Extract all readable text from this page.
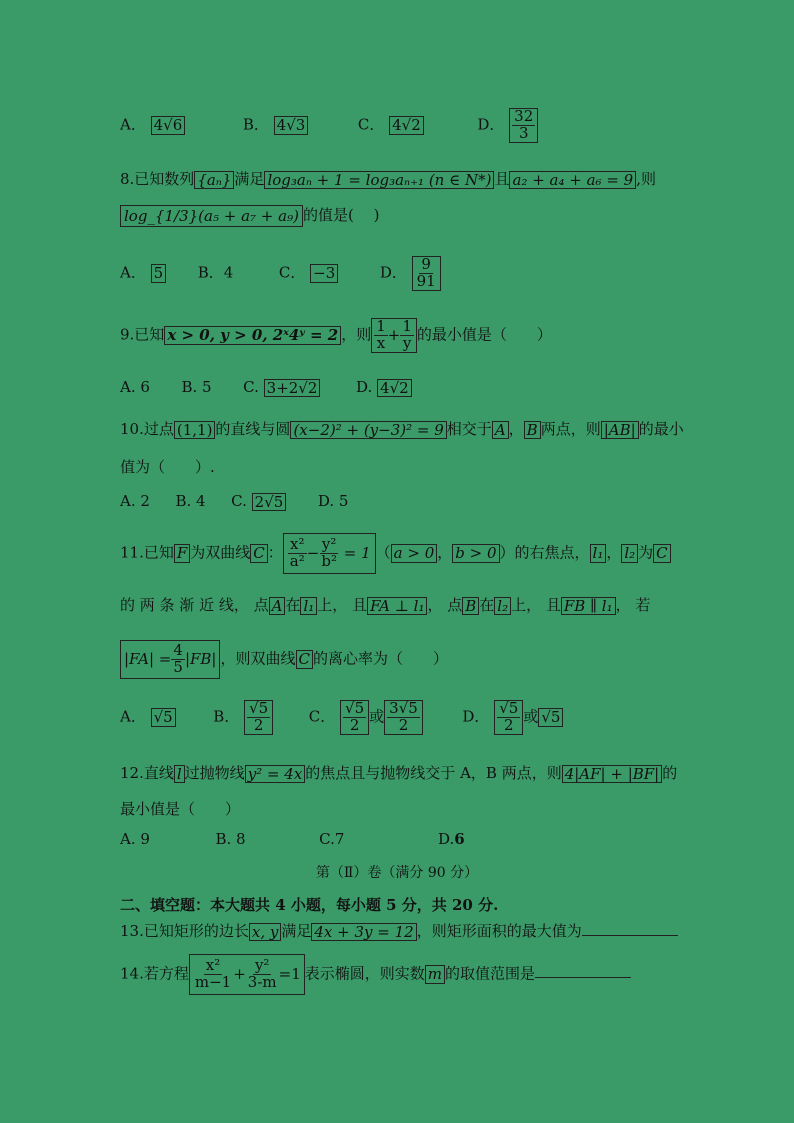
A． 4√6	B． 4√3	C． 4√2	D． $\frac{32}{3}$
8.已知数列 {aₙ} 满足 log₃aₙ + 1 = log₃aₙ₊₁ (n ∈ N*) 且 a₂ + a₄ + a₆ = 9 ,则
log_{1/3}(a₅ + a₇ + a₉) 的值是(　 )
A． 5 B．4	C． −3	D． $\frac{9}{91}$
9.已知 x > 0, y > 0, 2ˣ4ʸ = 2 ，则 $\frac{1}{x} + \frac{1}{y}$ 的最小值是（　　）
A. 6 B. 5 C. 3+2√2	D. 4√2
10.过点 (1,1) 的直线与圆 (x−2)² + (y−3)² = 9 相交于 A ， B 两点，则 |AB| 的最小
值为（　　）.
A. 2 B. 4 C. 2√5 D. 5
11.已知 F 为双曲线 C ： $\frac{\text{x²}}{\text{a²}} - \frac{\text{y²}}{\text{b²}} = 1$（ a > 0 ， b > 0 ）的右焦点， l₁ ， l₂ 为 C
的 两 条 渐 近 线， 点 A 在 l₁ 上， 且 FA ⊥ l₁ ， 点 B 在 l₂ 上， 且 FB ∥ l₁ ， 若
$|FA| = \frac{4}{5} |FB|$ ，则双曲线 C 的离心率为（　　）
A． √5	B． $\frac{√5}{2}$ C． $\frac{√5}{2}$ 或 $\frac{3√5}{2}$	D． $\frac{√5}{2}$ 或 √5
12.直线 l 过抛物线 y² = 4x 的焦点且与抛物线交于 A，B 两点，则 4|AF| + |BF| 的
最小值是（　　）
A. 9	B. 8	C.7	D.6
第（Ⅱ）卷（满分 90 分）
二、填空题：本大题共 4 小题，每小题 5 分，共 20 分.
13.已知矩形的边长 x, y 满足 4x + 3y = 12 ，则矩形面积的最大值为
14.若方程 $\frac{\text{x²}}{m-1} + \frac{\text{y²}}{3-m} =1$ 表示椭圆，则实数 m 的取值范围是
